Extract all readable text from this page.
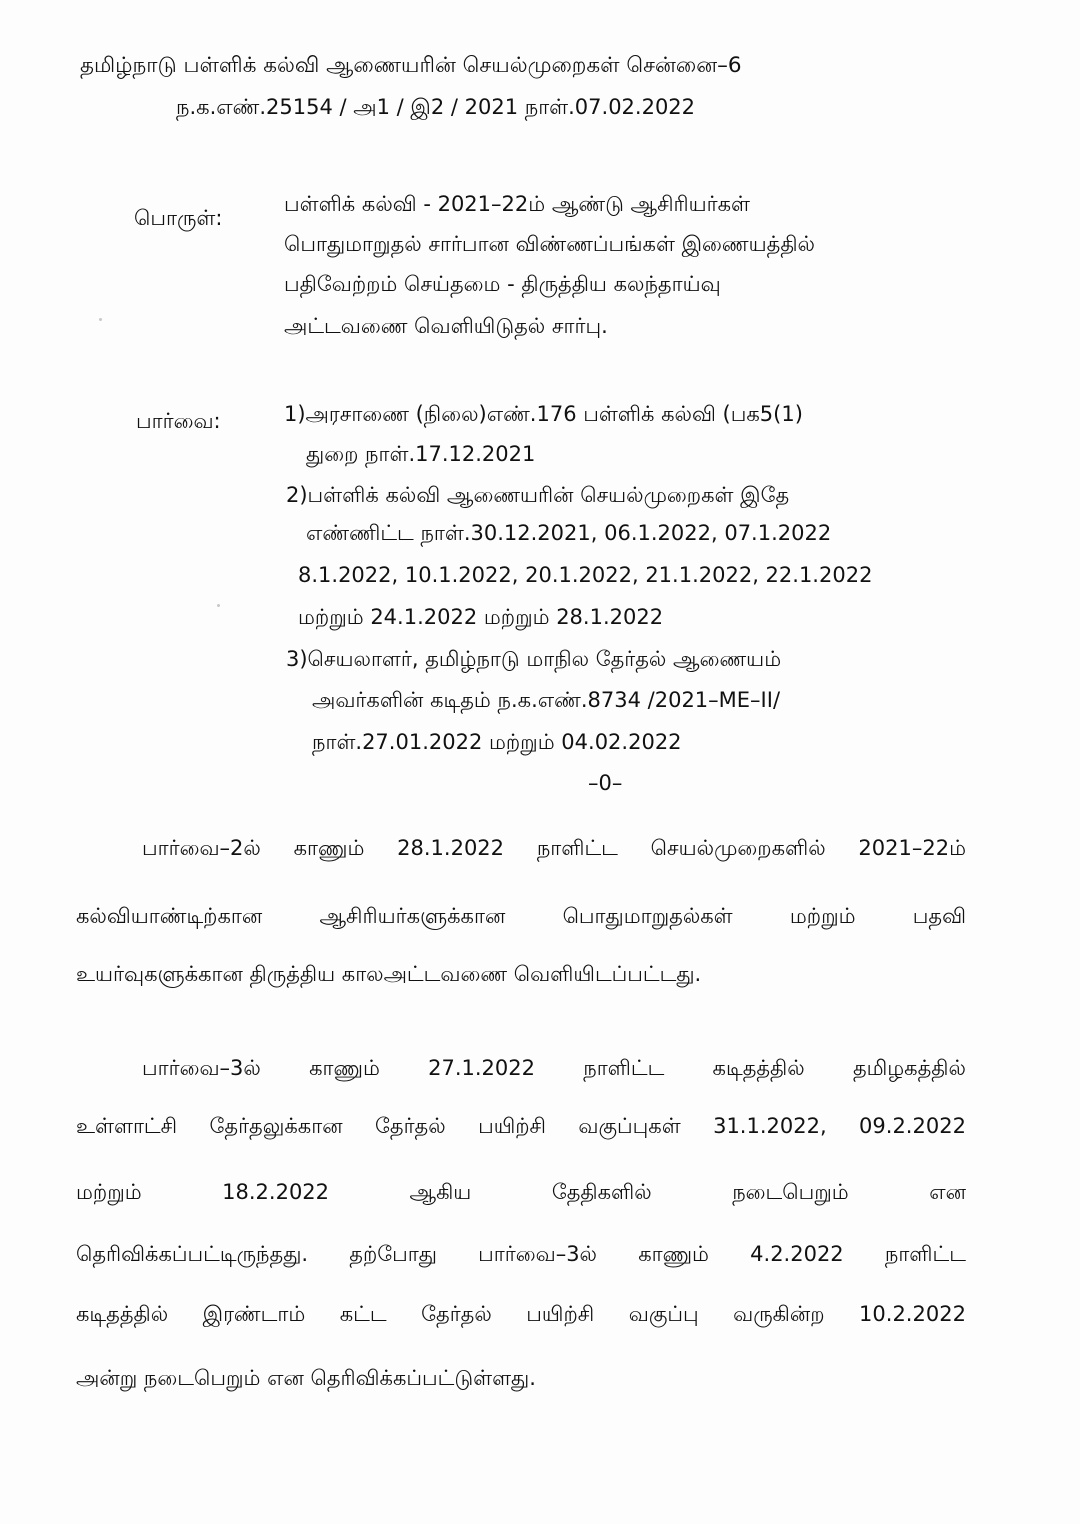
தமிழ்நாடு பள்ளிக் கல்வி ஆணையரின் செயல்முறைகள் சென்னை–6
ந.க.எண்.25154 / அ1 / இ2 / 2021 நாள்.07.02.2022
பொருள்:
பள்ளிக் கல்வி - 2021–22ம் ஆண்டு ஆசிரியர்கள்
பொதுமாறுதல் சார்பான விண்ணப்பங்கள் இணையத்தில்
பதிவேற்றம் செய்தமை - திருத்திய கலந்தாய்வு
அட்டவணை வெளியிடுதல் சார்பு.
பார்வை:	1)அரசாணை (நிலை)எண்.176 பள்ளிக் கல்வி (பக5(1)
துறை நாள்.17.12.2021
2)பள்ளிக் கல்வி ஆணையரின் செயல்முறைகள் இதே
எண்ணிட்ட நாள்.30.12.2021, 06.1.2022, 07.1.2022
8.1.2022, 10.1.2022, 20.1.2022, 21.1.2022, 22.1.2022
மற்றும் 24.1.2022 மற்றும் 28.1.2022
3)செயலாளர், தமிழ்நாடு மாநில தேர்தல் ஆணையம்
அவர்களின் கடிதம் ந.க.எண்.8734 /2021–ME–II/
நாள்.27.01.2022 மற்றும் 04.02.2022
–0–
பார்வை–2ல் காணும் 28.1.2022 நாளிட்ட செயல்முறைகளில் 2021–22ம்
கல்வியாண்டிற்கான	ஆசிரியர்களுக்கான	பொதுமாறுதல்கள்	மற்றும்	பதவி
உயர்வுகளுக்கான திருத்திய காலஅட்டவணை வெளியிடப்பட்டது.
பார்வை–3ல் காணும் 27.1.2022 நாளிட்ட கடிதத்தில் தமிழகத்தில்
உள்ளாட்சி தேர்தலுக்கான தேர்தல் பயிற்சி வகுப்புகள் 31.1.2022, 09.2.2022
மற்றும்	18.2.2022	ஆகிய	தேதிகளில்	நடைபெறும்	என
தெரிவிக்கப்பட்டிருந்தது. தற்போது பார்வை–3ல் காணும் 4.2.2022 நாளிட்ட
கடிதத்தில் இரண்டாம் கட்ட தேர்தல் பயிற்சி வகுப்பு வருகின்ற 10.2.2022
அன்று நடைபெறும் என தெரிவிக்கப்பட்டுள்ளது.
